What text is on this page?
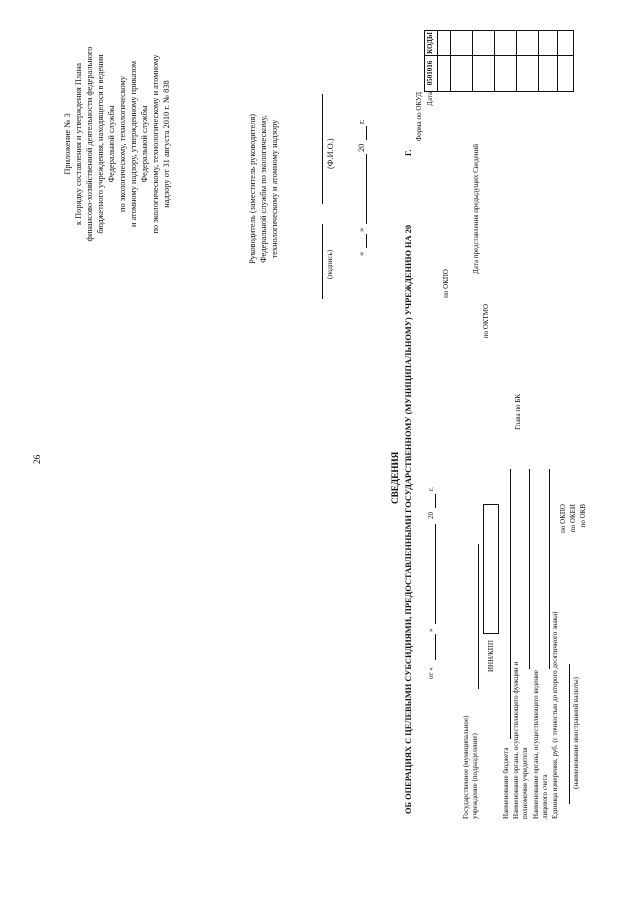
26
Приложение № 3 к Порядку составления и утверждения Плана финансово-хозяйственной деятельности федерального бюджетного учреждения, находящегося в ведении Федеральной службы по экологическому, технологическому и атомному надзору, утвержденному приказом Федеральной службы по экологическому, технологическому и атомному надзору от 31 августа 2010 г. № 838	Руководитель (заместитель руководителя) Федеральной службы по экологическому, технологическому и атомному надзору
(подпись)
(Ф.И.О.)
«
»
20
г.
СВЕДЕНИЯ ОБ ОПЕРАЦИЯХ С ЦЕЛЕВЫМИ СУБСИДИЯМИ, ПРЕДОСТАВЛЕННЫМИ ГОСУДАРСТВЕННОМУ (МУНИЦИПАЛЬНОМУ) УЧРЕЖДЕНИЮ НА 20
Г.
от «
»
20
г.
Государственное (муниципальное) учреждение (подразделение)
ИНН/КПП
Наименование бюджета Наименование органа, осуществляющего функции и полномочия учредителя Наименование органа, осуществляющего ведение лицевого счета Единица измерения, руб. (с точностью до второго десятичного знака) (наименование иностранной валюты)
Форма по ОКУД Дата
по ОКПО
Дата представления предыдущих Сведений
по ОКТМО
Глава по БК
по ОКПО по ОКЕИ по ОКВ
КОДЫ
0501016
